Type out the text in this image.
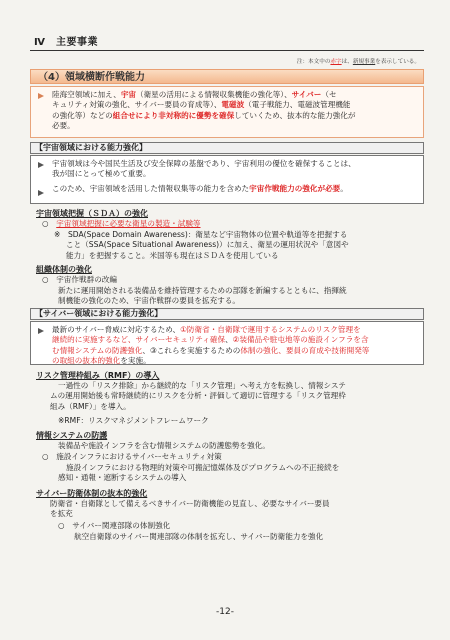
Ⅳ　主要事業
注：本文中の赤字は、新規事業を表示している。
（4）領域横断作戦能力
陸海空領域に加え、宇宙（衛星の活用による情報収集機能の強化等）、サイバー（セ
キュリティ対策の強化、サイバー要員の育成等）、電磁波（電子戦能力、電磁波管理機能
の強化等）などの組合せにより非対称的に優勢を確保していくため、抜本的な能力強化が
必要。
【宇宙領域における能力強化】
宇宙領域は今や国民生活及び安全保障の基盤であり、宇宙利用の優位を確保することは、
我が国にとって極めて重要。
このため、宇宙領域を活用した情報収集等の能力を含めた宇宙作戦能力の強化が必要。
宇宙領域把握（ＳＤＡ）の強化
○　 宇宙領域把握に必要な衛星の製造・試験等
※　SDA(Space Domain Awareness)：衛星など宇宙物体の位置や軌道等を把握する
こと（SSA(Space Situational Awareness)）に加え、衛星の運用状況や「意図や
能力」を把握すること。米国等も現在はＳＤＡを使用している
組織体制の強化
○　 宇宙作戦群の改編
新たに運用開始される装備品を維持管理するための部隊を新編するとともに、指揮統
制機能の強化のため、宇宙作戦群の要員を拡充する。
【サイバー領域における能力強化】
最新のサイバー脅威に対応するため、①防衛省・自衛隊で運用するシステムのリスク管理を
継続的に実施するなど、サイバーセキュリティ確保、②装備品や駐屯地等の施設インフラを含
む情報システムの防護強化、③これらを実施するための体制の強化、要員の育成や技術開発等
の取組の抜本的強化を実施。
リスク管理枠組み（RMF）の導入
一過性の「リスク排除」から継続的な「リスク管理」へ考え方を転換し、情報システ
ムの運用開始後も常時継続的にリスクを分析・評価して適切に管理する「リスク管理枠
組み（RMF）」を導入。
※RMF：リスクマネジメントフレームワーク
情報システムの防護
装備品や施設インフラを含む情報システムの防護態勢を強化。
○　 施設インフラにおけるサイバーセキュリティ対策
施設インフラにおける物理的対策や可搬記憶媒体及びプログラムへの不正接続を
感知・通報・遮断するシステムの導入
サイバー防衛体制の抜本的強化
防衛省・自衛隊として備えるべきサイバー防衛機能の見直し、必要なサイバー要員
を拡充
○　 サイバー関連部隊の体制強化
航空自衛隊のサイバー関連部隊の体制を拡充し、サイバー防衛能力を強化
-12-
